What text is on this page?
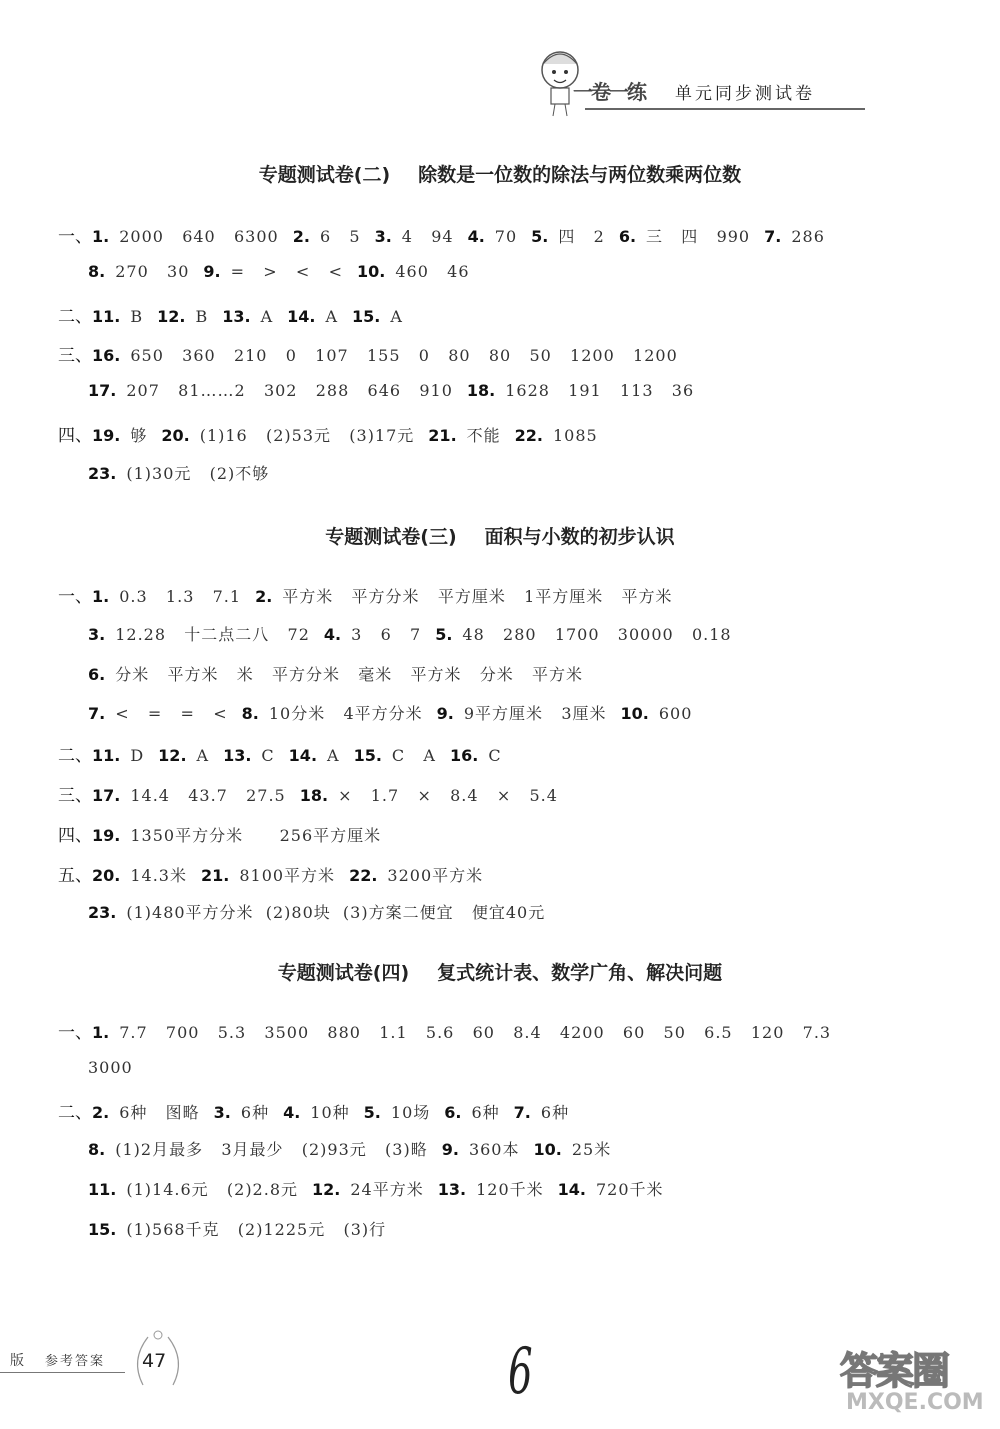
一卷一练 单元同步测试卷
专题测试卷(二) 除数是一位数的除法与两位数乘两位数
一、1. 2000   640   6300 2. 6   5 3. 4   94 4. 70 5. 四   2 6. 三   四   990 7. 286
8. 270   30 9. =   >   <   < 10. 460   46
二、11. B 12. B 13. A 14. A 15. A
三、16. 650   360   210   0   107   155   0   80   80   50   1200   1200
17. 207   81……2   302   288   646   910 18. 1628   191   113   36
四、19. 够 20. (1)16   (2)53元   (3)17元 21. 不能 22. 1085
23. (1)30元   (2)不够
专题测试卷(三) 面积与小数的初步认识
一、1. 0.3   1.3   7.1 2. 平方米   平方分米   平方厘米   1平方厘米   平方米
3. 12.28   十二点二八   72 4. 3   6   7 5. 48   280   1700   30000   0.18
6. 分米   平方米   米   平方分米   毫米   平方米   分米   平方米
7. <   =   =   < 8. 10分米   4平方分米 9. 9平方厘米   3厘米 10. 600
二、11. D 12. A 13. C 14. A 15. C   A 16. C
三、17. 14.4   43.7   27.5 18. ×   1.7   ×   8.4   ×   5.4
四、19. 1350平方分米      256平方厘米
五、20. 14.3米 21. 8100平方米 22. 3200平方米
23. (1)480平方分米  (2)80块  (3)方案二便宜   便宜40元
专题测试卷(四) 复式统计表、数学广角、解决问题
一、1. 7.7   700   5.3   3500   880   1.1   5.6   60   8.4   4200   60   50   6.5   120   7.3
3000
二、2. 6种   图略 3. 6种 4. 10种 5. 10场 6. 6种 7. 6种
8. (1)2月最多   3月最少   (2)93元   (3)略 9. 360本 10. 25米
11. (1)14.6元   (2)2.8元 12. 24平方米 13. 120千米 14. 720千米
15. (1)568千克   (2)1225元   (3)行
版 参考答案 47	6	答案圈
MXQE.COM
